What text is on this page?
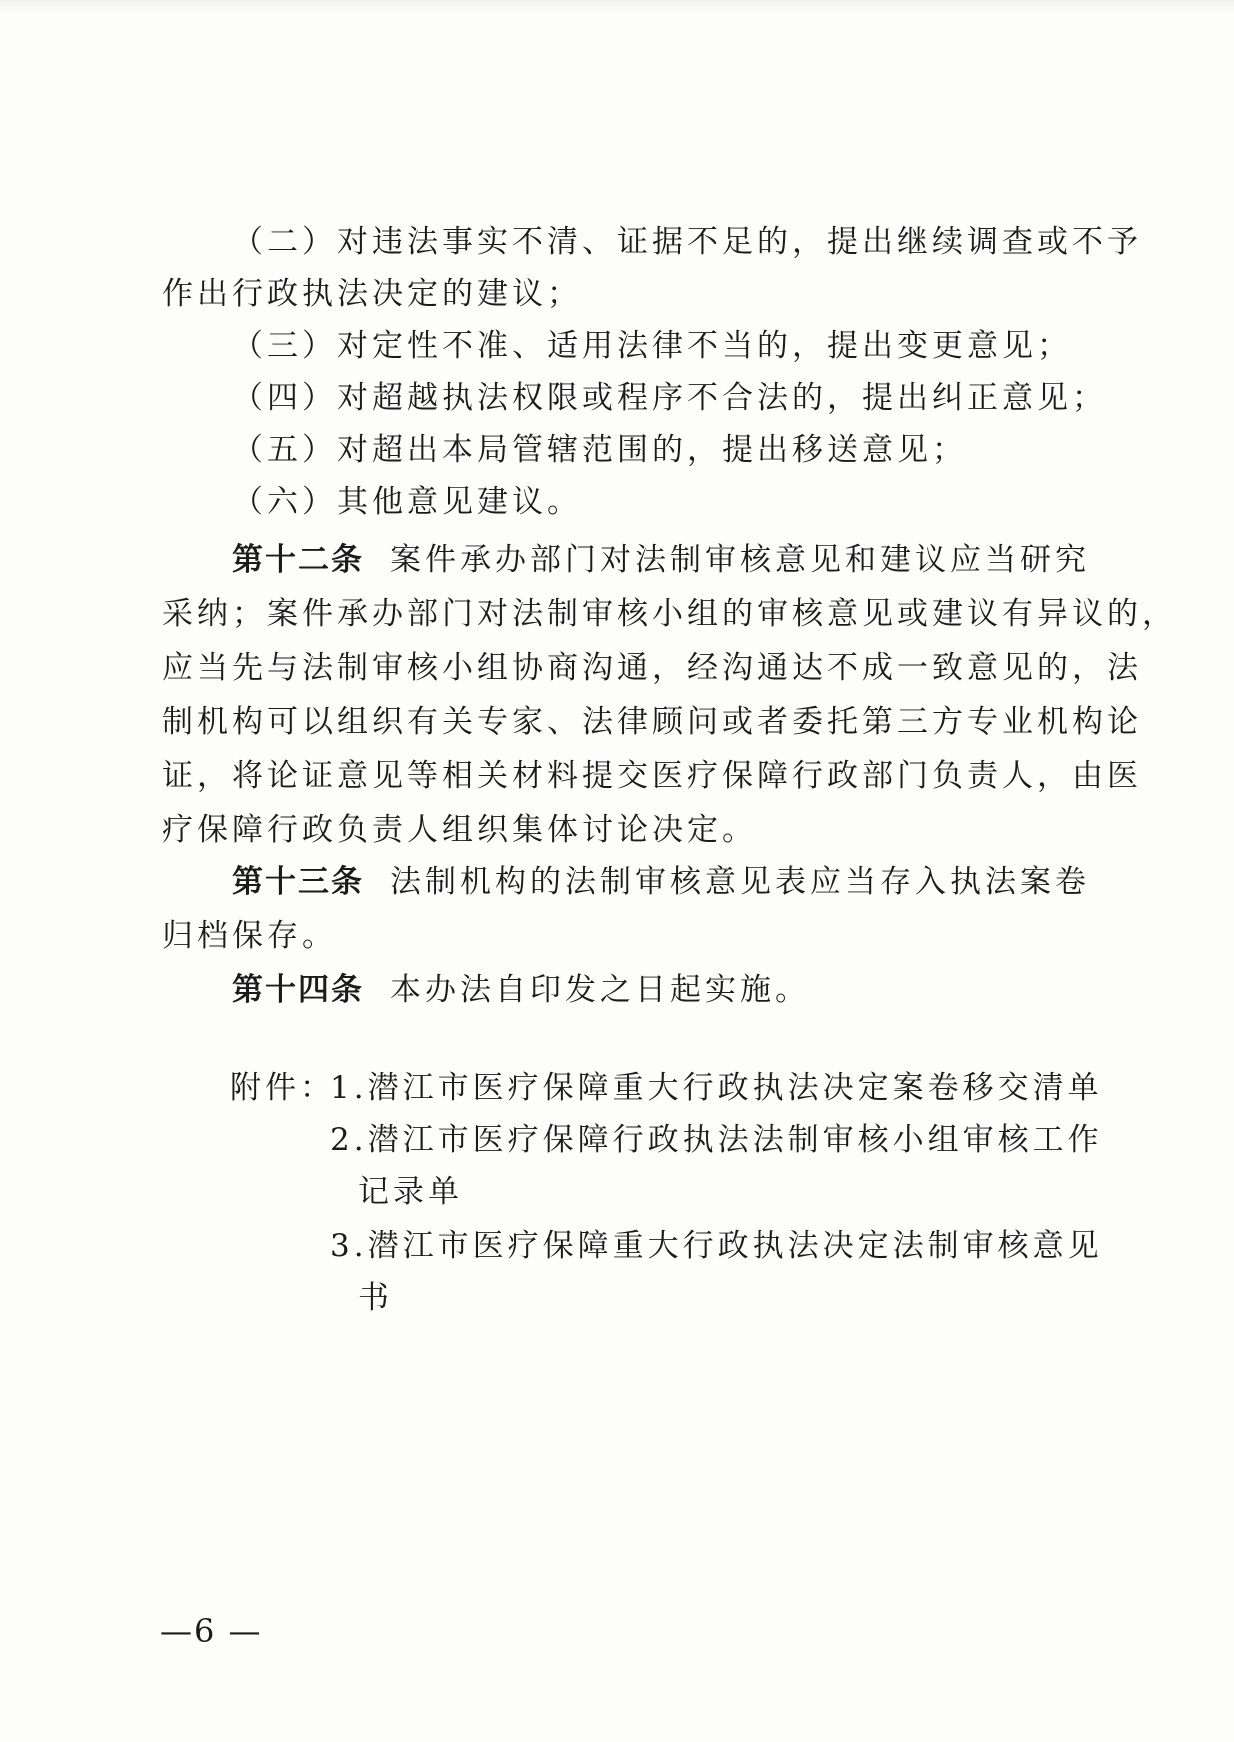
（二）对违法事实不清、证据不足的，提出继续调查或不予
作出行政执法决定的建议；
（三）对定性不准、适用法律不当的，提出变更意见；
（四）对超越执法权限或程序不合法的，提出纠正意见；
（五）对超出本局管辖范围的，提出移送意见；
（六）其他意见建议。
第十二条 案件承办部门对法制审核意见和建议应当研究
采纳；案件承办部门对法制审核小组的审核意见或建议有异议的，
应当先与法制审核小组协商沟通，经沟通达不成一致意见的，法
制机构可以组织有关专家、法律顾问或者委托第三方专业机构论
证，将论证意见等相关材料提交医疗保障行政部门负责人，由医
疗保障行政负责人组织集体讨论决定。
第十三条 法制机构的法制审核意见表应当存入执法案卷
归档保存。
第十四条 本办法自印发之日起实施。
附件：
1.潜江市医疗保障重大行政执法决定案卷移交清单
2.潜江市医疗保障行政执法法制审核小组审核工作
记录单
3.潜江市医疗保障重大行政执法决定法制审核意见
书
—6 —
